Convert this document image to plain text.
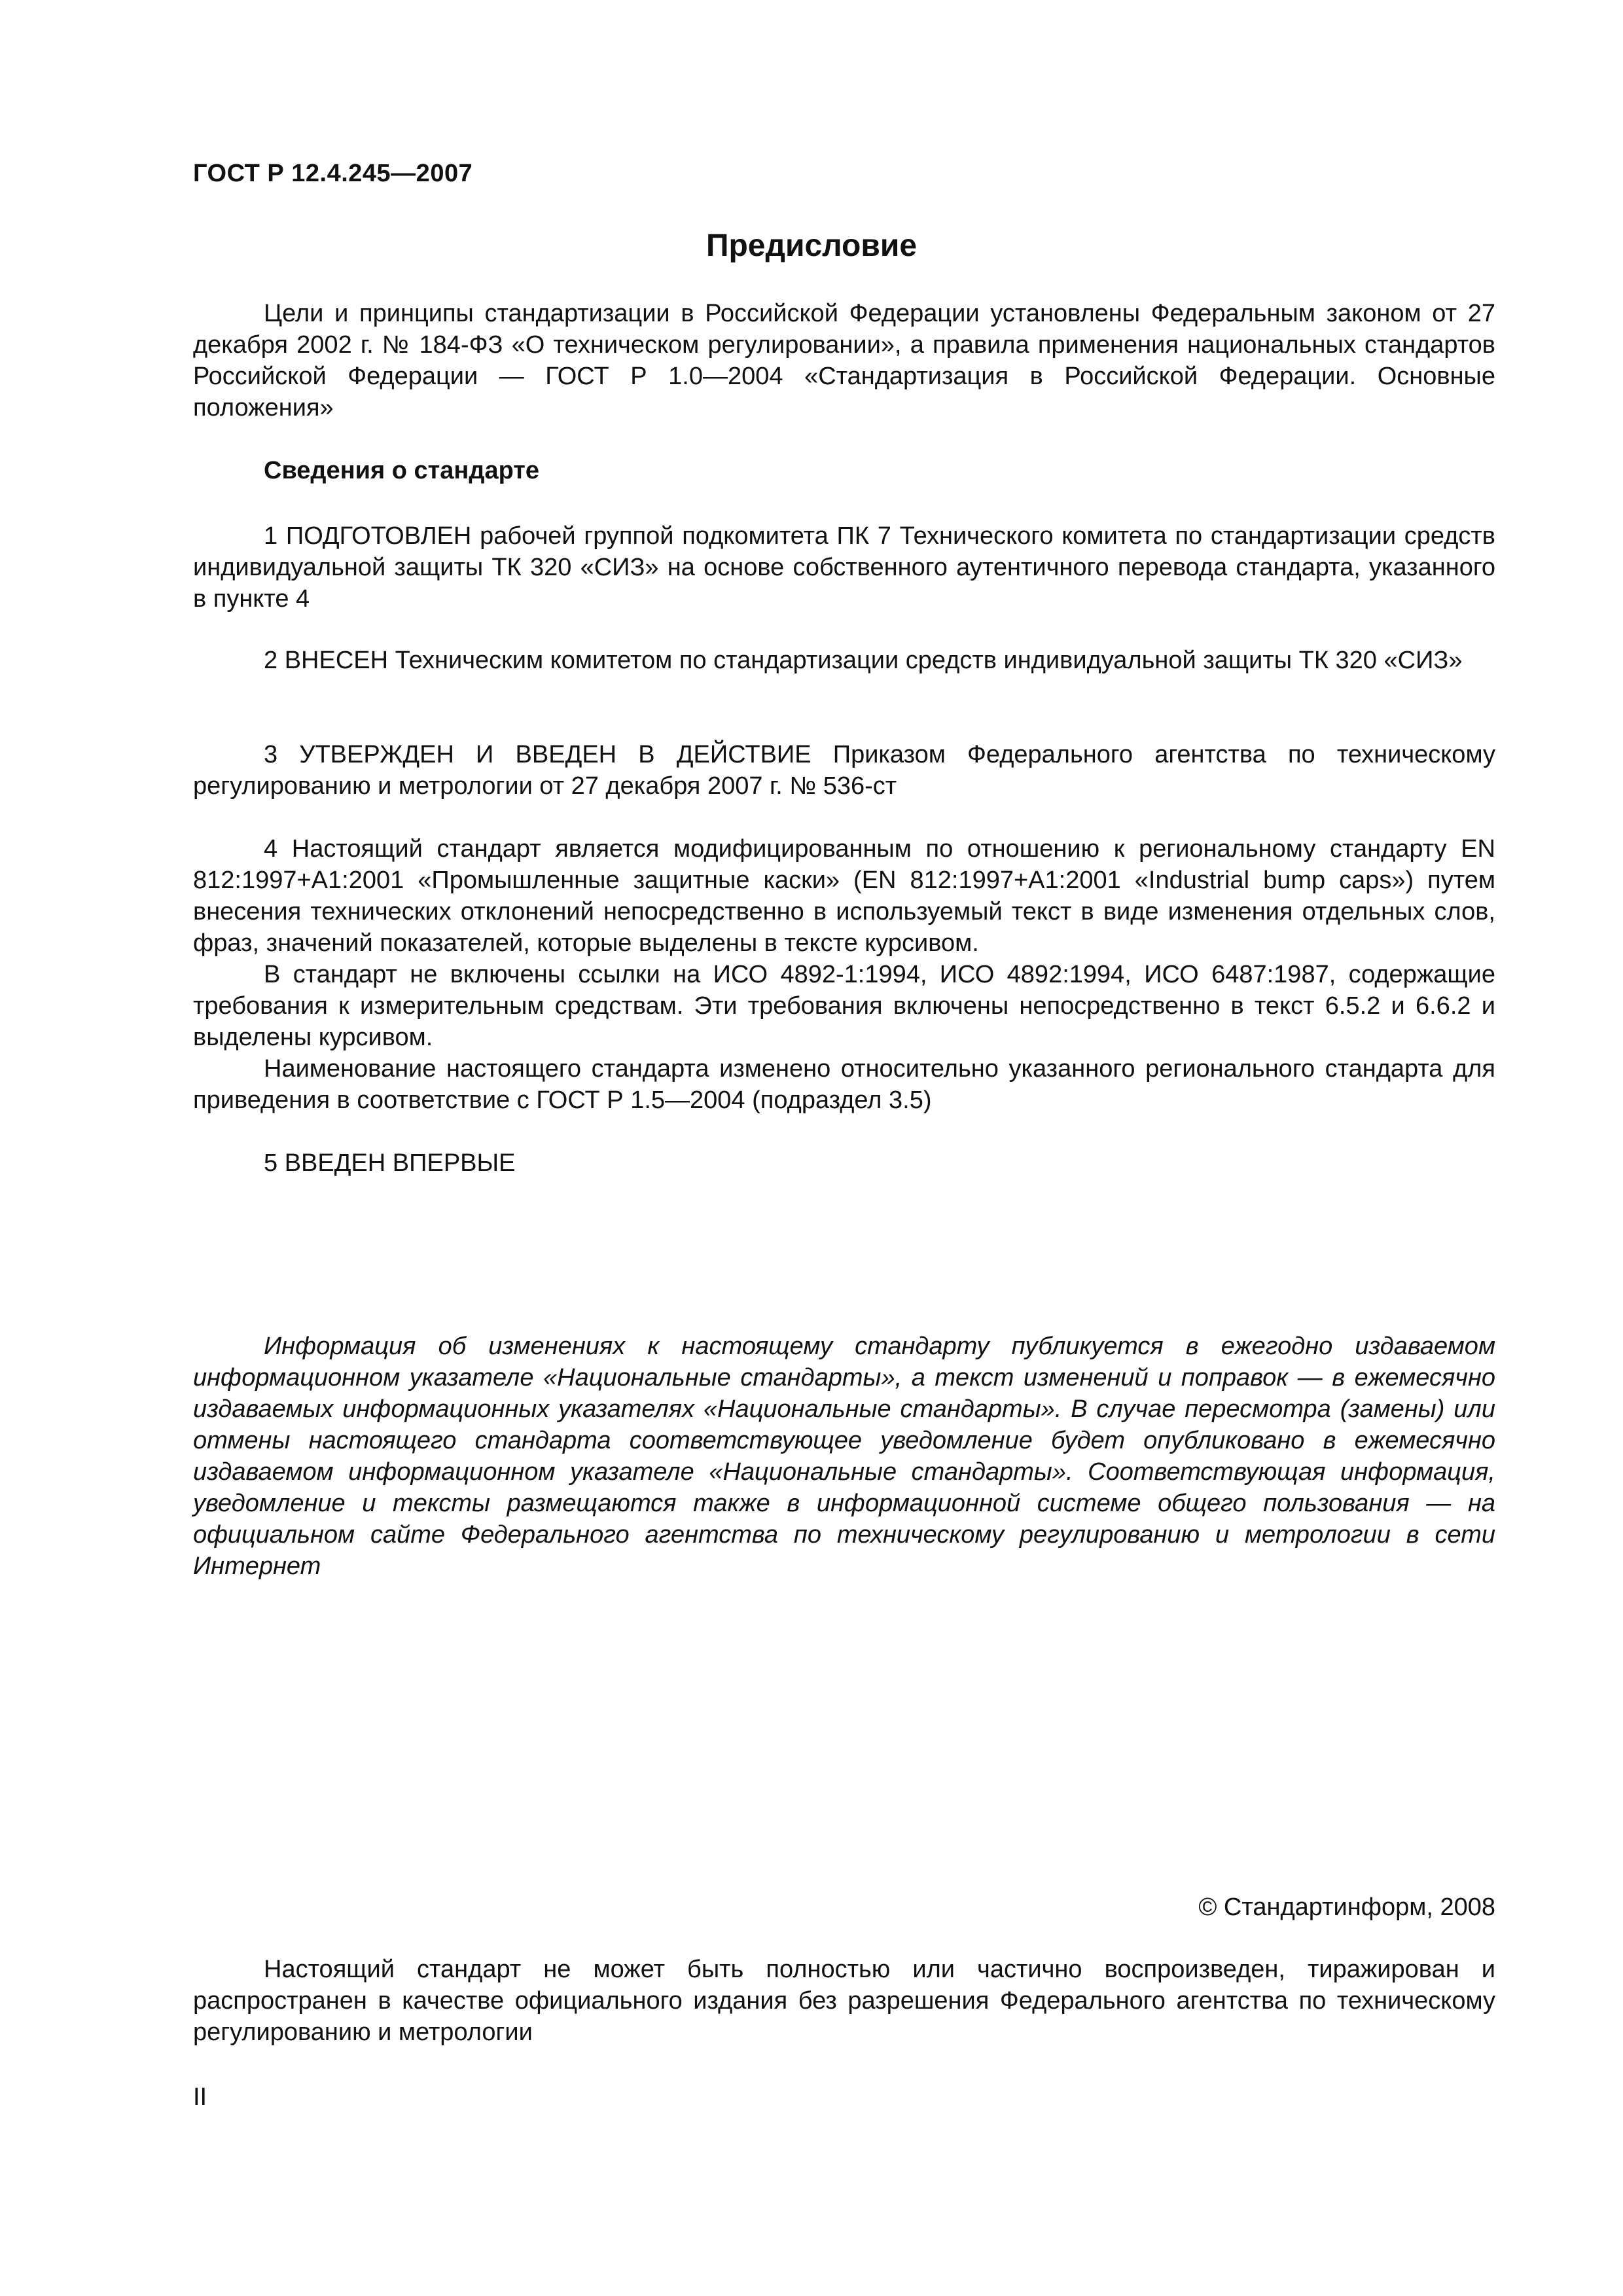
ГОСТ Р 12.4.245—2007
Предисловие

Цели и принципы стандартизации в Российской Федерации установлены Федеральным законом от 27 декабря 2002 г. № 184-ФЗ «О техническом регулировании», а правила применения национальных стандартов Российской Федерации — ГОСТ Р 1.0—2004 «Стандартизация в Российской Федерации. Основные положения»

Сведения о стандарте

1 ПОДГОТОВЛЕН рабочей группой подкомитета ПК 7 Технического комитета по стандартизации средств индивидуальной защиты ТК 320 «СИЗ» на основе собственного аутентичного перевода стандарта, указанного в пункте 4

2 ВНЕСЕН Техническим комитетом по стандартизации средств индивидуальной защиты ТК 320 «СИЗ»

3 УТВЕРЖДЕН И ВВЕДЕН В ДЕЙСТВИЕ Приказом Федерального агентства по техническому регулированию и метрологии от 27 декабря 2007 г. № 536-ст

4 Настоящий стандарт является модифицированным по отношению к региональному стандарту EN 812:1997+A1:2001 «Промышленные защитные каски» (EN 812:1997+A1:2001 «Industrial bump caps») путем внесения технических отклонений непосредственно в используемый текст в виде изменения отдельных слов, фраз, значений показателей, которые выделены в тексте курсивом.

В стандарт не включены ссылки на ИСО 4892-1:1994, ИСО 4892:1994, ИСО 6487:1987, содержащие требования к измерительным средствам. Эти требования включены непосредственно в текст 6.5.2 и 6.6.2 и выделены курсивом.

Наименование настоящего стандарта изменено относительно указанного регионального стандарта для приведения в соответствие с ГОСТ Р 1.5—2004 (подраздел 3.5)

5 ВВЕДЕН ВПЕРВЫЕ

Информация об изменениях к настоящему стандарту публикуется в ежегодно издаваемом информационном указателе «Национальные стандарты», а текст изменений и поправок — в ежемесячно издаваемых информационных указателях «Национальные стандарты». В случае пересмотра (замены) или отмены настоящего стандарта соответствующее уведомление будет опубликовано в ежемесячно издаваемом информационном указателе «Национальные стандарты». Соответствующая информация, уведомление и тексты размещаются также в информационной системе общего пользования — на официальном сайте Федерального агентства по техническому регулированию и метрологии в сети Интернет

© Стандартинформ, 2008

Настоящий стандарт не может быть полностью или частично воспроизведен, тиражирован и распространен в качестве официального издания без разрешения Федерального агентства по техническому регулированию и метрологии

II
